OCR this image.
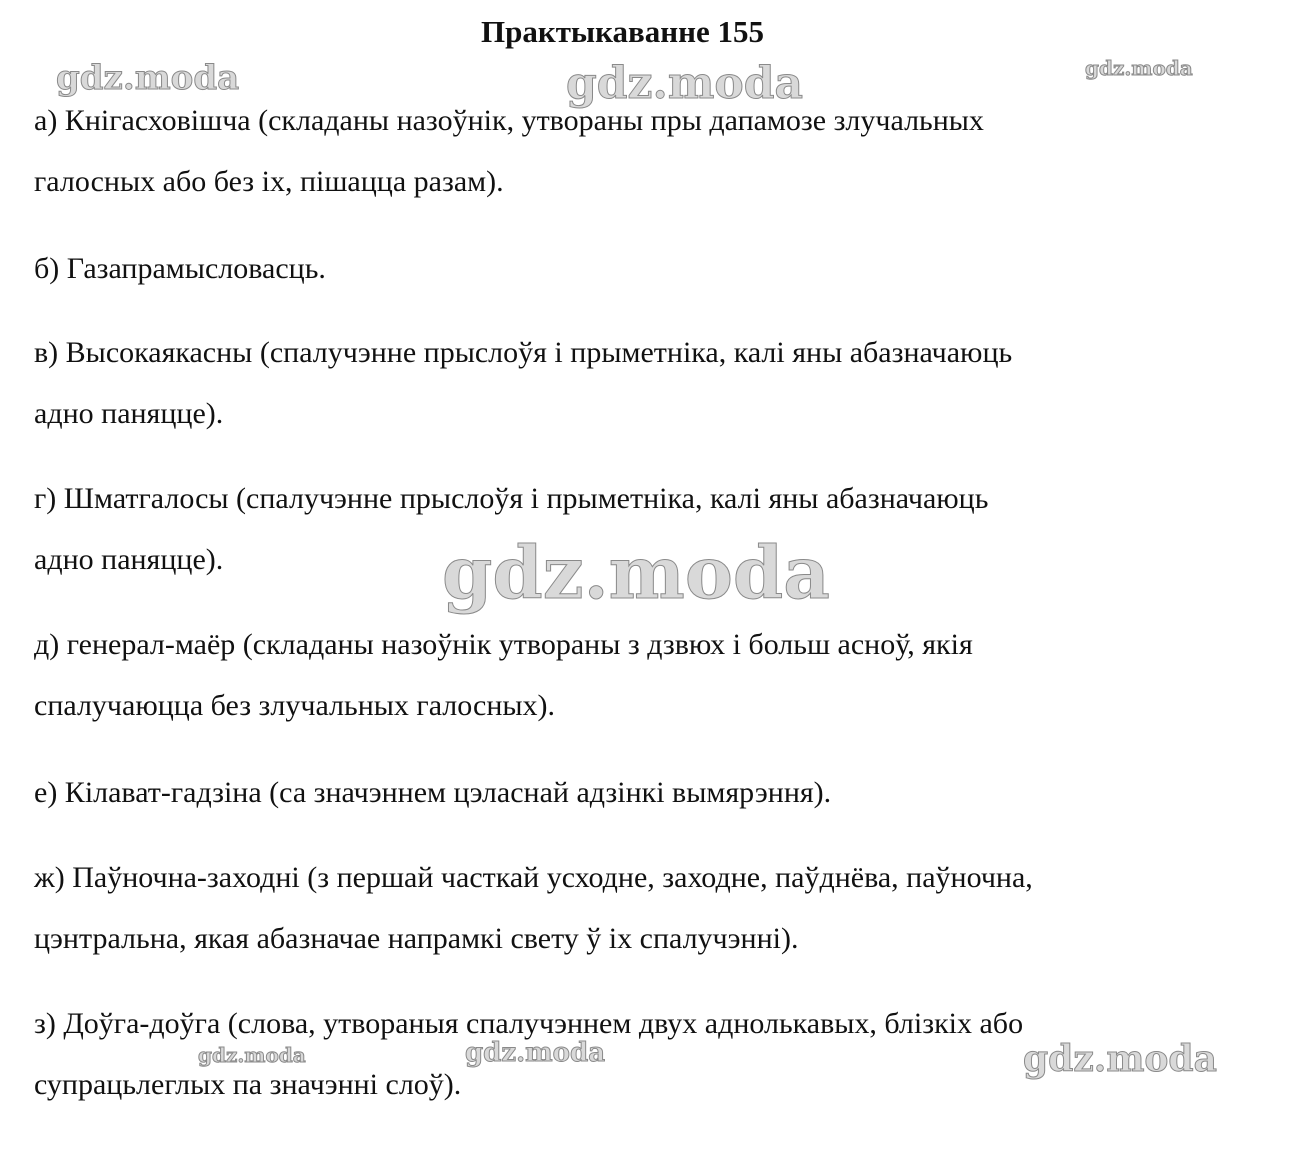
Практыкаванне 155

а) Кнігасховішча (складаны назоўнік, утвораны пры дапамозе злучальных

галосных або без іх, пішацца разам).

б) Газапрамысловасць.

в) Высокаякасны (спалучэнне прыслоўя і прыметніка, калі яны абазначаюць

адно паняцце).

г) Шматгалосы (спалучэнне прыслоўя і прыметніка, калі яны абазначаюць

адно паняцце).

д) генерал-маёр (складаны назоўнік утвораны з дзвюх і больш асноў, якія

спалучаюцца без злучальных галосных).

е) Кілават-гадзіна (са значэннем цэласнай адзінкі вымярэння).

ж) Паўночна-заходні (з першай часткай усходне, заходне, паўднёва, паўночна,

цэнтральна, якая абазначае напрамкі свету ў іх спалучэнні).

з) Доўга-доўга (слова, утвораныя спалучэннем двух аднолькавых, блізкіх або

супрацьлеглых па значэнні слоў).

gdz.moda	gdz.moda	gdz.moda
gdz.moda
gdz.moda	gdz.moda	gdz.moda
